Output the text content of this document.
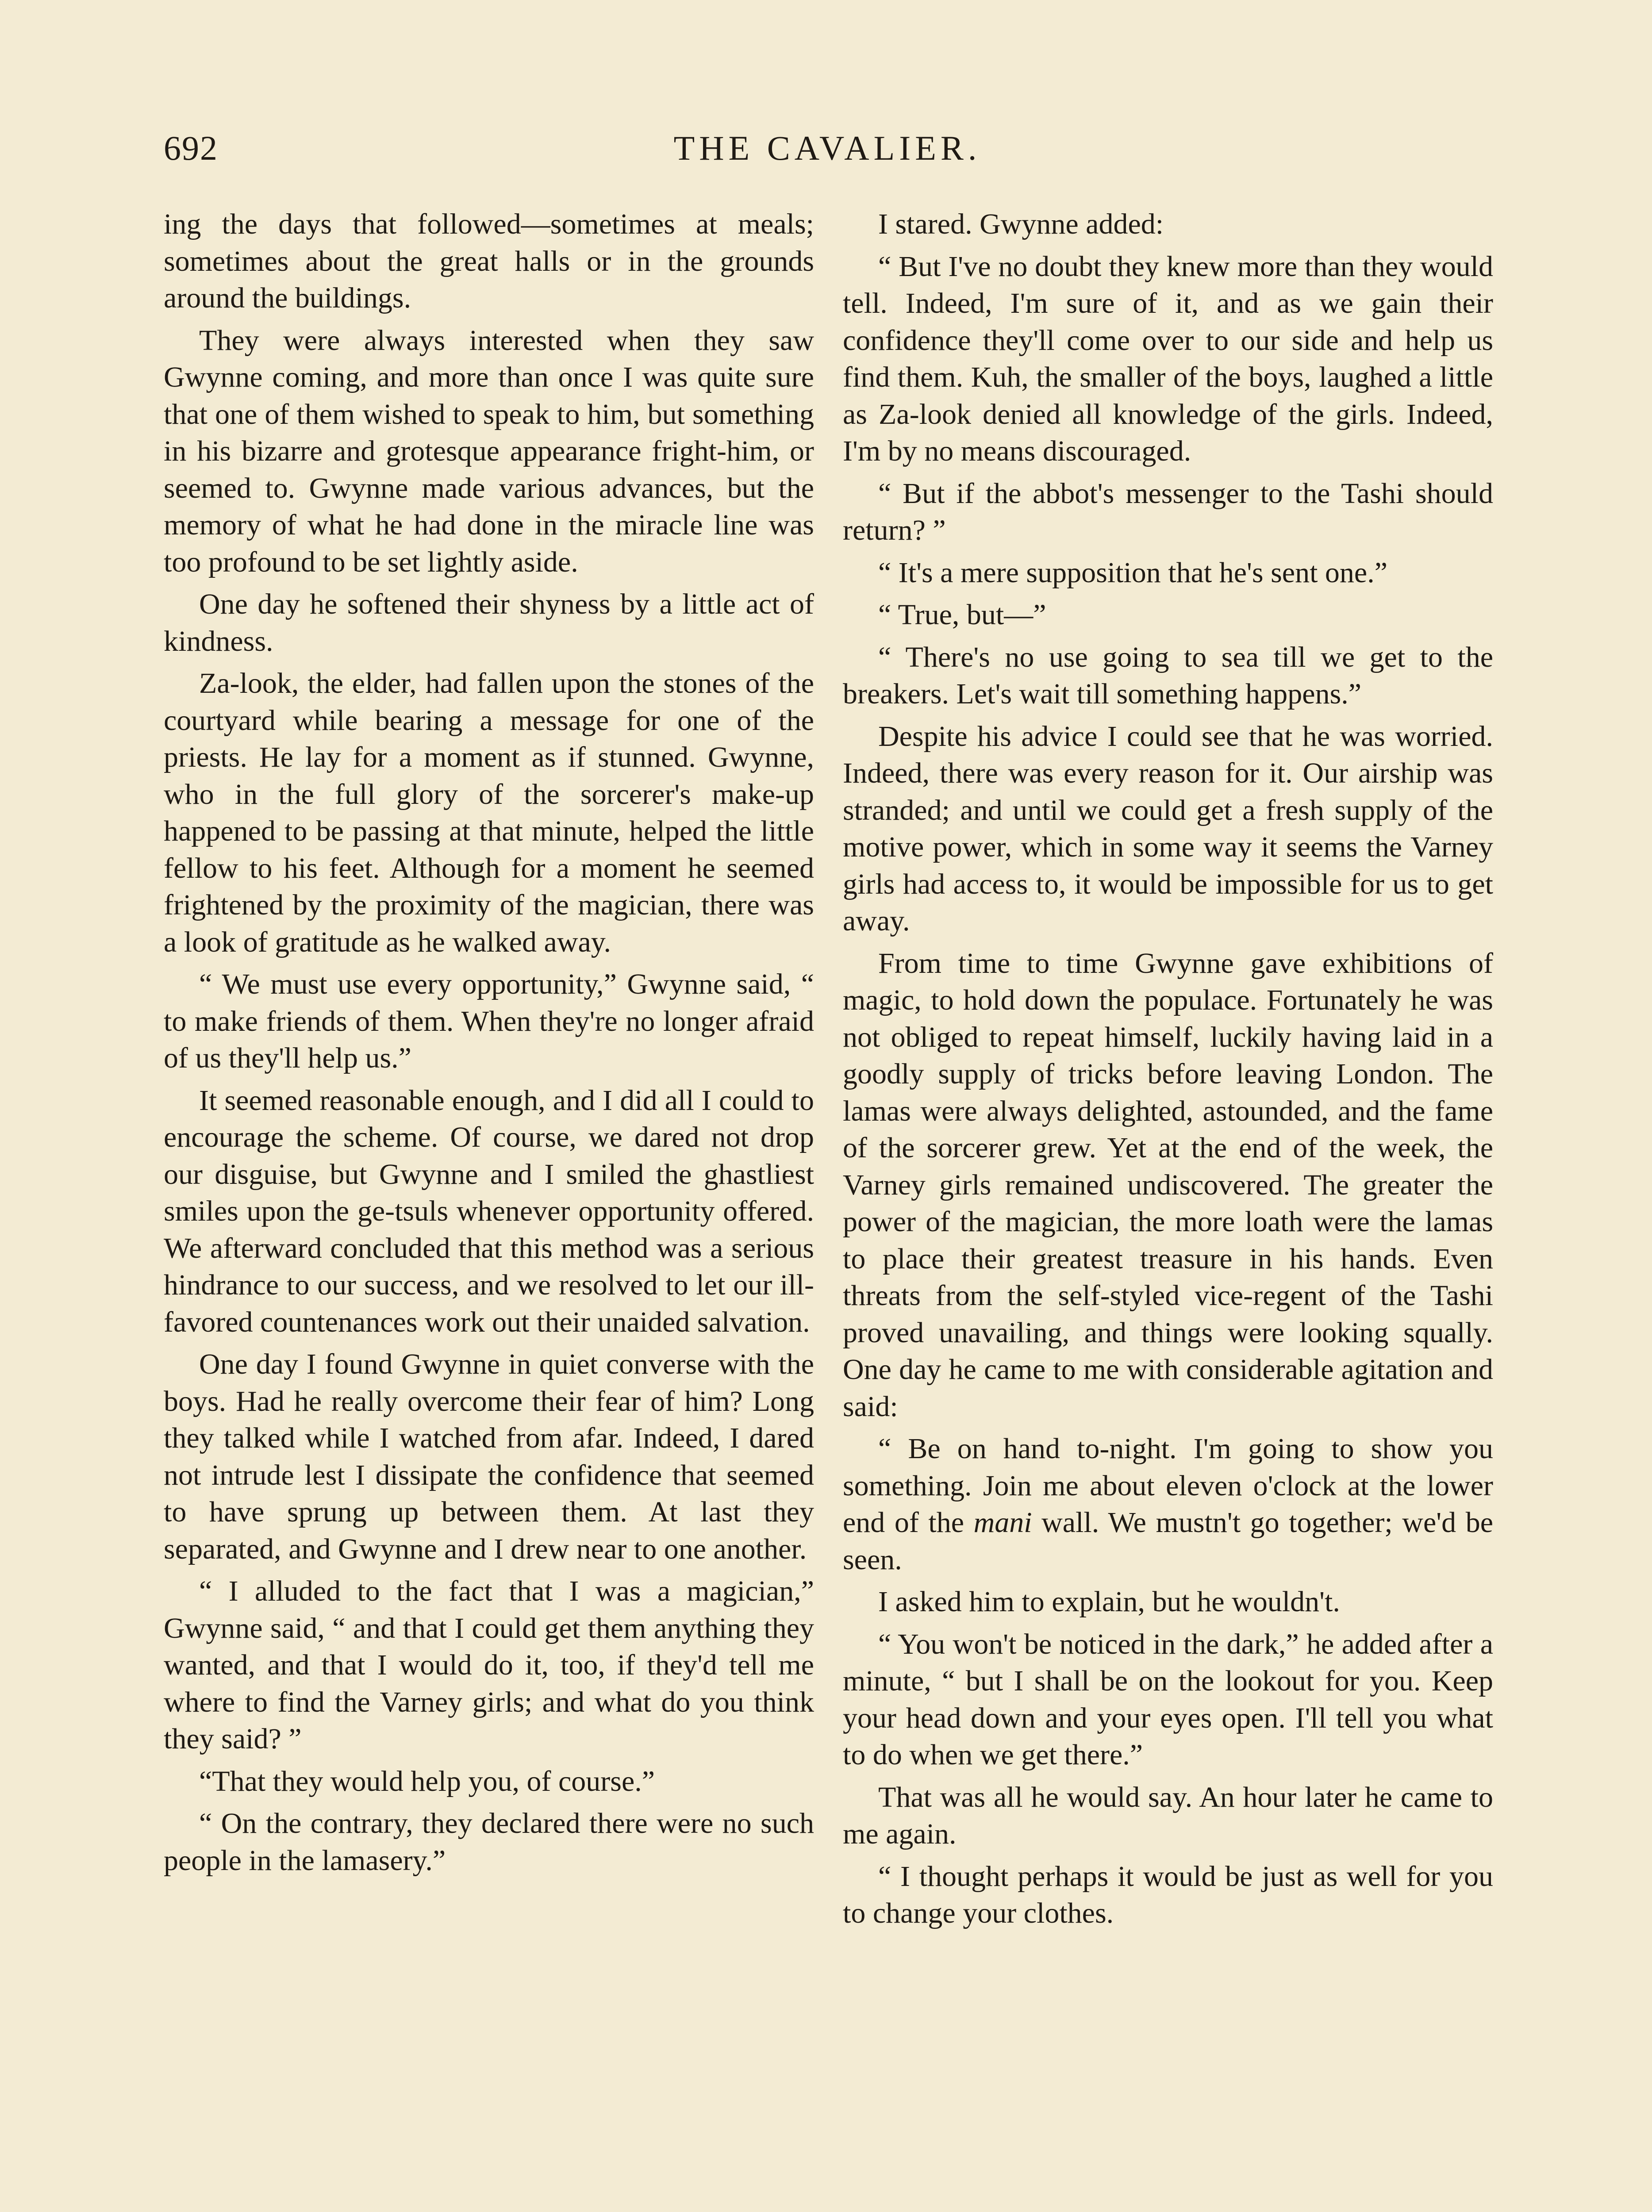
692	THE CAVALIER.

ing the days that followed—sometimes at meals; sometimes about the great halls or in the grounds around the buildings.

They were always interested when they saw Gwynne coming, and more than once I was quite sure that one of them wished to speak to him, but something in his bizarre and grotesque appearance fright-him, or seemed to. Gwynne made various advances, but the memory of what he had done in the miracle line was too profound to be set lightly aside.

One day he softened their shyness by a little act of kindness.

Za-look, the elder, had fallen upon the stones of the courtyard while bearing a message for one of the priests. He lay for a moment as if stunned. Gwynne, who in the full glory of the sorcerer's make-up happened to be passing at that minute, helped the little fellow to his feet. Although for a moment he seemed frightened by the proximity of the magician, there was a look of gratitude as he walked away.

“ We must use every opportunity,” Gwynne said, “ to make friends of them. When they're no longer afraid of us they'll help us.”

It seemed reasonable enough, and I did all I could to encourage the scheme. Of course, we dared not drop our disguise, but Gwynne and I smiled the ghastliest smiles upon the ge-tsuls whenever opportunity offered. We afterward concluded that this method was a serious hindrance to our success, and we resolved to let our ill-favored countenances work out their unaided salvation.

One day I found Gwynne in quiet converse with the boys. Had he really overcome their fear of him? Long they talked while I watched from afar. Indeed, I dared not intrude lest I dissipate the confidence that seemed to have sprung up between them. At last they separated, and Gwynne and I drew near to one another.

“ I alluded to the fact that I was a magician,” Gwynne said, “ and that I could get them anything they wanted, and that I would do it, too, if they'd tell me where to find the Varney girls; and what do you think they said? ”

“That they would help you, of course.”

“ On the contrary, they declared there were no such people in the lamasery.”

I stared. Gwynne added:

“ But I've no doubt they knew more than they would tell. Indeed, I'm sure of it, and as we gain their confidence they'll come over to our side and help us find them. Kuh, the smaller of the boys, laughed a little as Za-look denied all knowledge of the girls. Indeed, I'm by no means discouraged.

“ But if the abbot's messenger to the Tashi should return? ”

“ It's a mere supposition that he's sent one.”

“ True, but—”

“ There's no use going to sea till we get to the breakers. Let's wait till something happens.”

Despite his advice I could see that he was worried. Indeed, there was every reason for it. Our airship was stranded; and until we could get a fresh supply of the motive power, which in some way it seems the Varney girls had access to, it would be impossible for us to get away.

From time to time Gwynne gave exhibitions of magic, to hold down the populace. Fortunately he was not obliged to repeat himself, luckily having laid in a goodly supply of tricks before leaving London. The lamas were always delighted, astounded, and the fame of the sorcerer grew. Yet at the end of the week, the Varney girls remained undiscovered. The greater the power of the magician, the more loath were the lamas to place their greatest treasure in his hands. Even threats from the self-styled vice-regent of the Tashi proved unavailing, and things were looking squally. One day he came to me with considerable agitation and said:

“ Be on hand to-night. I'm going to show you something. Join me about eleven o'clock at the lower end of the mani wall. We mustn't go together; we'd be seen.

I asked him to explain, but he wouldn't.

“ You won't be noticed in the dark,” he added after a minute, “ but I shall be on the lookout for you. Keep your head down and your eyes open. I'll tell you what to do when we get there.”

That was all he would say. An hour later he came to me again.

“ I thought perhaps it would be just as well for you to change your clothes.
